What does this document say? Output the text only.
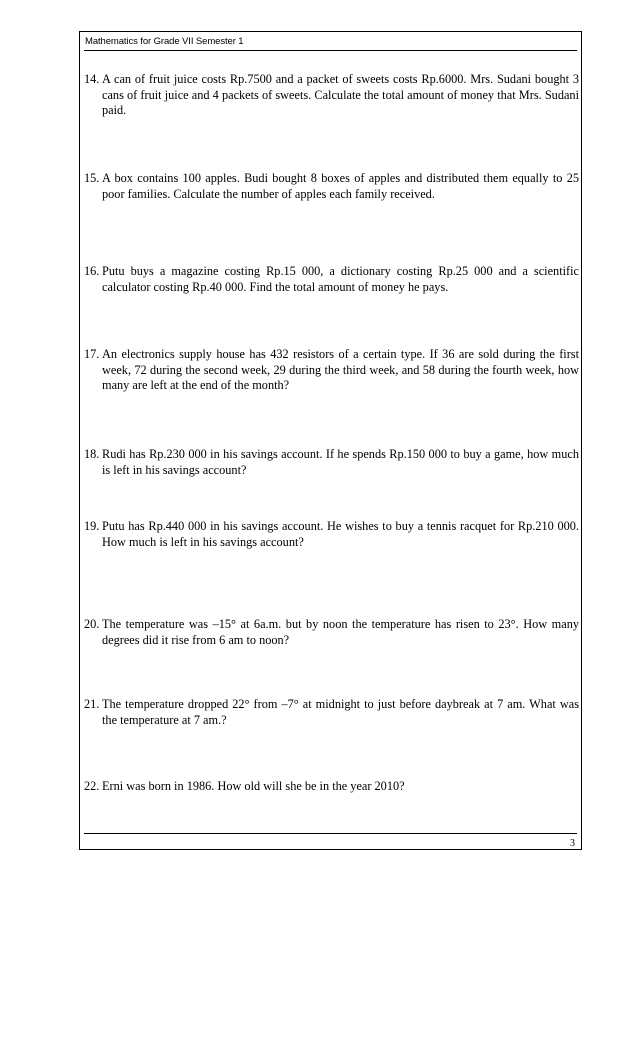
Mathematics for Grade VII Semester 1
14. A can of fruit juice costs Rp.7500 and a packet of sweets costs Rp.6000. Mrs. Sudani bought 3 cans of fruit juice and 4 packets of sweets. Calculate the total amount of money that Mrs. Sudani paid.
15. A box contains 100 apples. Budi bought 8 boxes of apples and distributed them equally to 25 poor families. Calculate the number of apples each family received.
16. Putu buys a magazine costing Rp.15 000, a dictionary costing Rp.25 000 and a scientific calculator costing Rp.40 000. Find the total amount of money he pays.
17. An electronics supply house has 432 resistors of a certain type. If 36 are sold during the first week, 72 during the second week, 29 during the third week, and 58 during the fourth week, how many are left at the end of the month?
18. Rudi has Rp.230 000 in his savings account. If he spends Rp.150 000 to buy a game, how much is left in his savings account?
19. Putu has Rp.440 000 in his savings account. He wishes to buy a tennis racquet for Rp.210 000. How much is left in his savings account?
20. The temperature was –15° at 6a.m. but by noon the temperature has risen to 23°. How many degrees did it rise from 6 am to noon?
21. The temperature dropped 22° from –7° at midnight to just before daybreak at 7 am. What was the temperature at 7 am.?
22. Erni was born in 1986. How old will she be in the year 2010?
3
